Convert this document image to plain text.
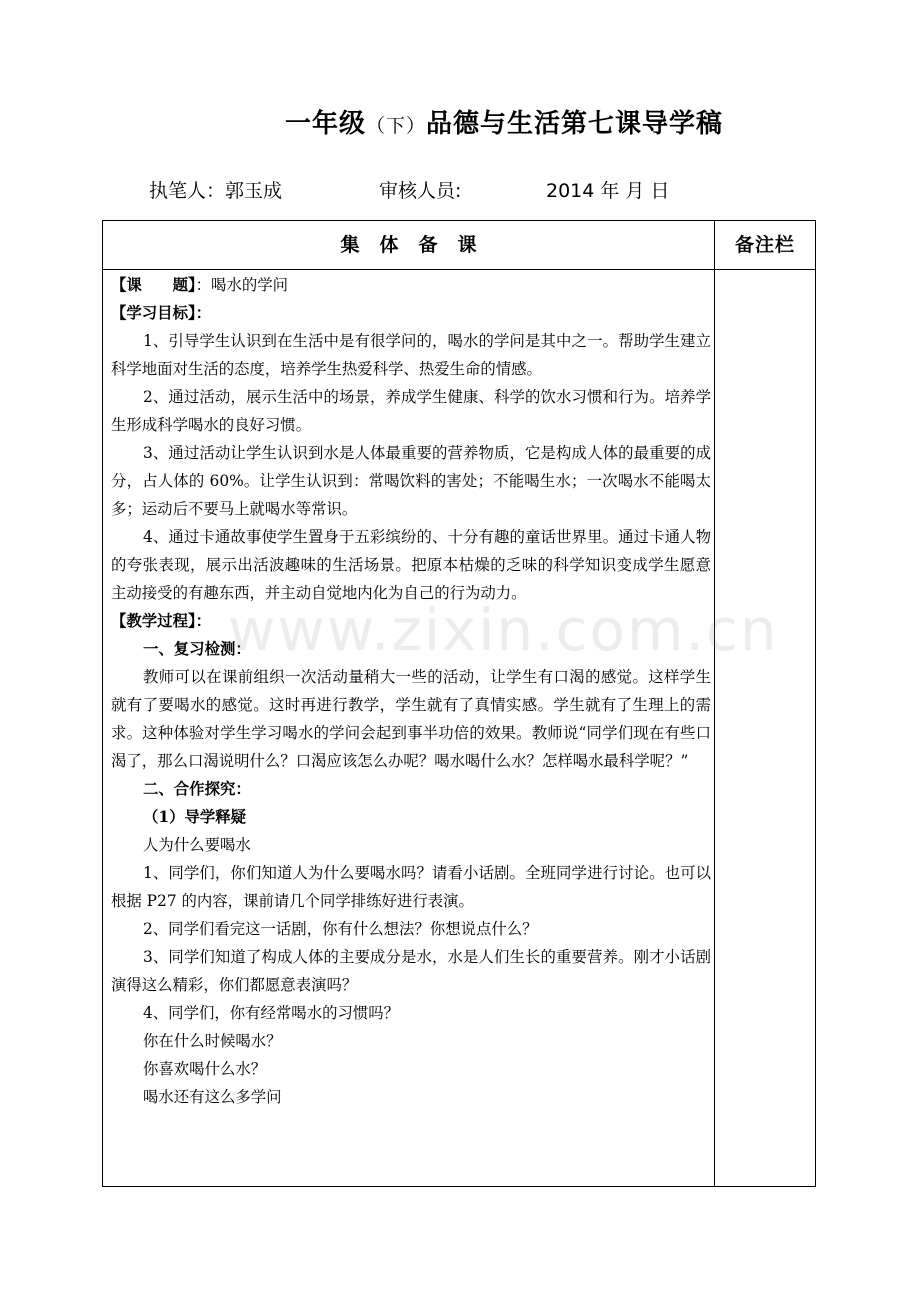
一年级（下）品德与生活第七课导学稿
执笔人：郭玉成	审核人员:	2014 年 月 日
集体备课	备注栏

【课　　题】：喝水的学问

【学习目标】：

1、引导学生认识到在生活中是有很学问的，喝水的学问是其中之一。帮助学生建立科学地面对生活的态度，培养学生热爱科学、热爱生命的情感。

2、通过活动，展示生活中的场景，养成学生健康、科学的饮水习惯和行为。培养学生形成科学喝水的良好习惯。

3、通过活动让学生认识到水是人体最重要的营养物质，它是构成人体的最重要的成分，占人体的 60%。让学生认识到：常喝饮料的害处；不能喝生水；一次喝水不能喝太多；运动后不要马上就喝水等常识。

4、通过卡通故事使学生置身于五彩缤纷的、十分有趣的童话世界里。通过卡通人物的夸张表现，展示出活波趣味的生活场景。把原本枯燥的乏味的科学知识变成学生愿意主动接受的有趣东西，并主动自觉地内化为自己的行为动力。

【教学过程】：

一、复习检测：

教师可以在课前组织一次活动量稍大一些的活动，让学生有口渴的感觉。这样学生就有了要喝水的感觉。这时再进行教学，学生就有了真情实感。学生就有了生理上的需求。这种体验对学生学习喝水的学问会起到事半功倍的效果。教师说“同学们现在有些口渴了，那么口渴说明什么？口渴应该怎么办呢？喝水喝什么水？怎样喝水最科学呢？”

二、合作探究：

（1）导学释疑

人为什么要喝水

1、同学们，你们知道人为什么要喝水吗？请看小话剧。全班同学进行讨论。也可以根据 P27 的内容，课前请几个同学排练好进行表演。

2、同学们看完这一话剧，你有什么想法？你想说点什么？

3、同学们知道了构成人体的主要成分是水，水是人们生长的重要营养。刚才小话剧演得这么精彩，你们都愿意表演吗？

4、同学们，你有经常喝水的习惯吗？

你在什么时候喝水？

你喜欢喝什么水？

喝水还有这么多学问

www.zixin.com.cn
